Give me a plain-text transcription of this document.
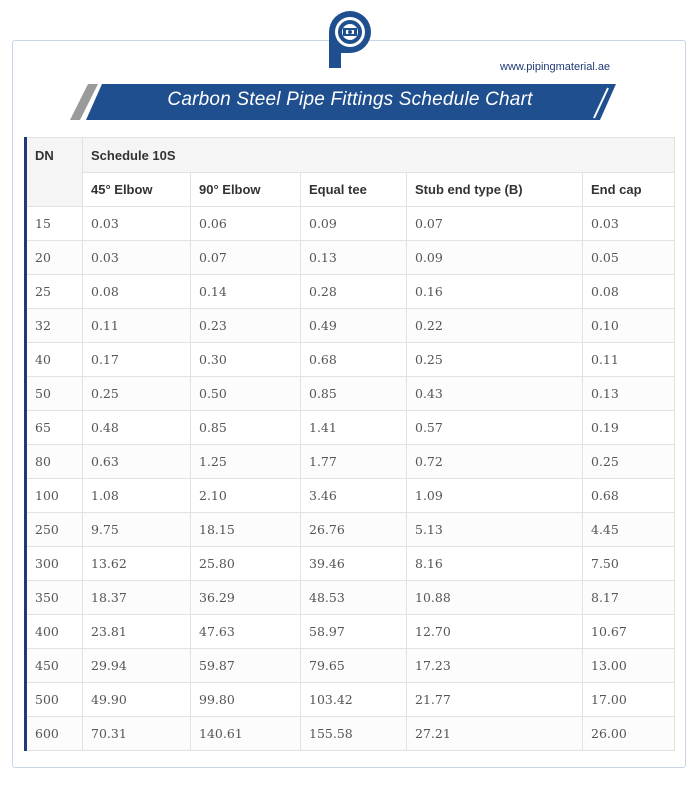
www.pipingmaterial.ae
Carbon Steel Pipe Fittings Schedule Chart
DN	Schedule 10S				
	45° Elbow	90° Elbow	Equal tee	Stub end type (B)	End cap
15	0.03	0.06	0.09	0.07	0.03
20	0.03	0.07	0.13	0.09	0.05
25	0.08	0.14	0.28	0.16	0.08
32	0.11	0.23	0.49	0.22	0.10
40	0.17	0.30	0.68	0.25	0.11
50	0.25	0.50	0.85	0.43	0.13
65	0.48	0.85	1.41	0.57	0.19
80	0.63	1.25	1.77	0.72	0.25
100	1.08	2.10	3.46	1.09	0.68
250	9.75	18.15	26.76	5.13	4.45
300	13.62	25.80	39.46	8.16	7.50
350	18.37	36.29	48.53	10.88	8.17
400	23.81	47.63	58.97	12.70	10.67
450	29.94	59.87	79.65	17.23	13.00
500	49.90	99.80	103.42	21.77	17.00
600	70.31	140.61	155.58	27.21	26.00
